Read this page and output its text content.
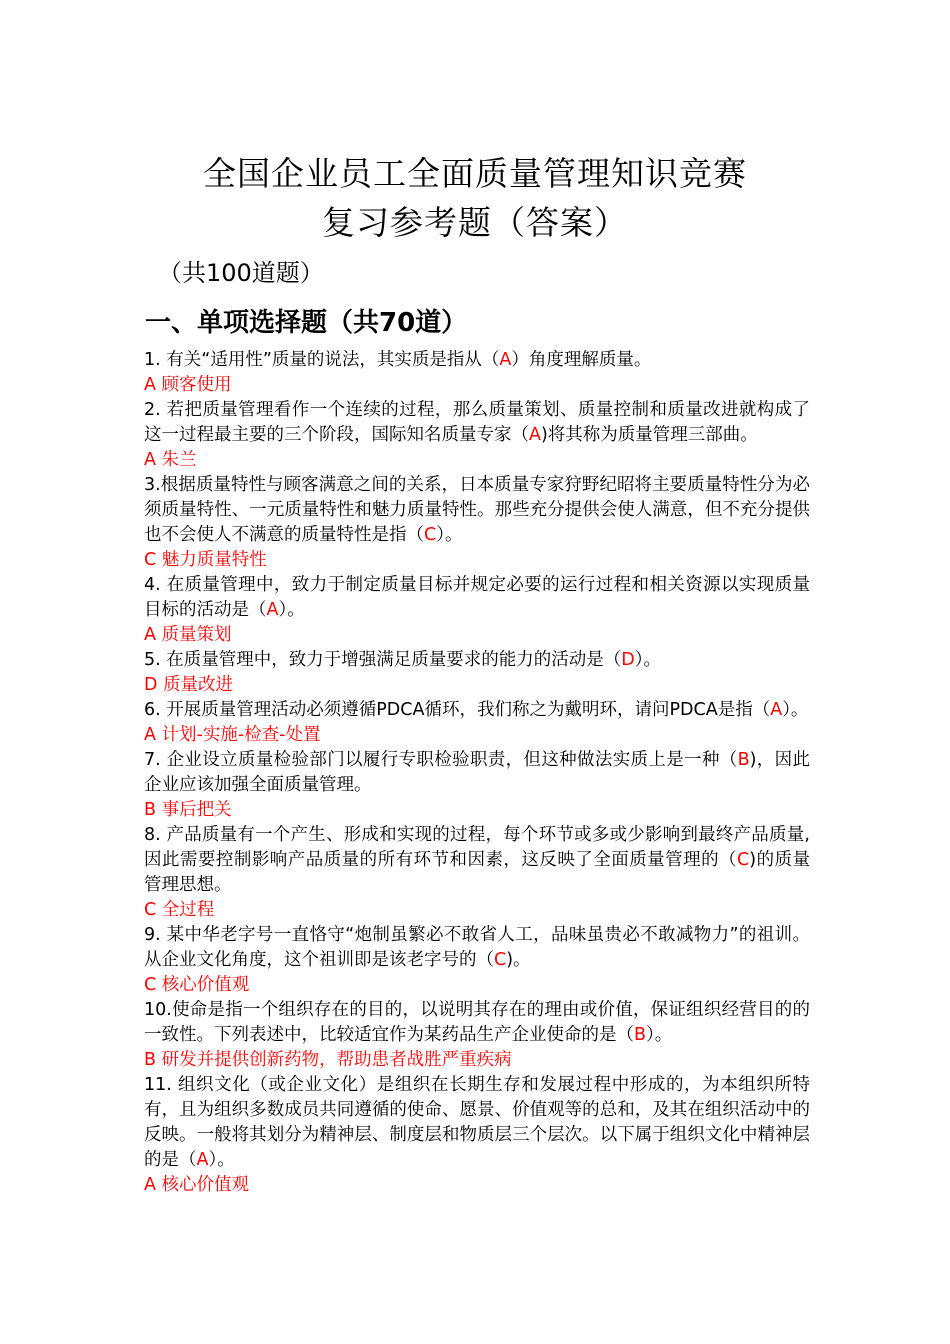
全国企业员工全面质量管理知识竞赛
复习参考题（答案）
（共100道题）
一、单项选择题（共70道）

1. 有关“适用性”质量的说法，其实质是指从（A）角度理解质量。

A 顾客使用

2. 若把质量管理看作一个连续的过程，那么质量策划、质量控制和质量改进就构成了这一过程最主要的三个阶段，国际知名质量专家（A)将其称为质量管理三部曲。

A 朱兰

3.根据质量特性与顾客满意之间的关系，日本质量专家狩野纪昭将主要质量特性分为必须质量特性、一元质量特性和魅力质量特性。那些充分提供会使人满意，但不充分提供也不会使人不满意的质量特性是指（C）。

C 魅力质量特性

4. 在质量管理中，致力于制定质量目标并规定必要的运行过程和相关资源以实现质量目标的活动是（A）。

A 质量策划

5. 在质量管理中，致力于增强满足质量要求的能力的活动是（D）。

D 质量改进

6. 开展质量管理活动必须遵循PDCA循环，我们称之为戴明环，请问PDCA是指（A）。

A 计划-实施-检查-处置

7. 企业设立质量检验部门以履行专职检验职责，但这种做法实质上是一种（B)，因此企业应该加强全面质量管理。

B 事后把关

8. 产品质量有一个产生、形成和实现的过程，每个环节或多或少影响到最终产品质量,因此需要控制影响产品质量的所有环节和因素，这反映了全面质量管理的（C)的质量管理思想。

C 全过程

9. 某中华老字号一直恪守“炮制虽繁必不敢省人工，品味虽贵必不敢减物力”的祖训。从企业文化角度，这个祖训即是该老字号的（C)。

C 核心价值观

10.使命是指一个组织存在的目的，以说明其存在的理由或价值，保证组织经营目的的一致性。下列表述中，比较适宜作为某药品生产企业使命的是（B）。

B 研发并提供创新药物，帮助患者战胜严重疾病

11. 组织文化（或企业文化）是组织在长期生存和发展过程中形成的，为本组织所特有，且为组织多数成员共同遵循的使命、愿景、价值观等的总和，及其在组织活动中的反映。一般将其划分为精神层、制度层和物质层三个层次。以下属于组织文化中精神层的是（A）。

A 核心价值观
